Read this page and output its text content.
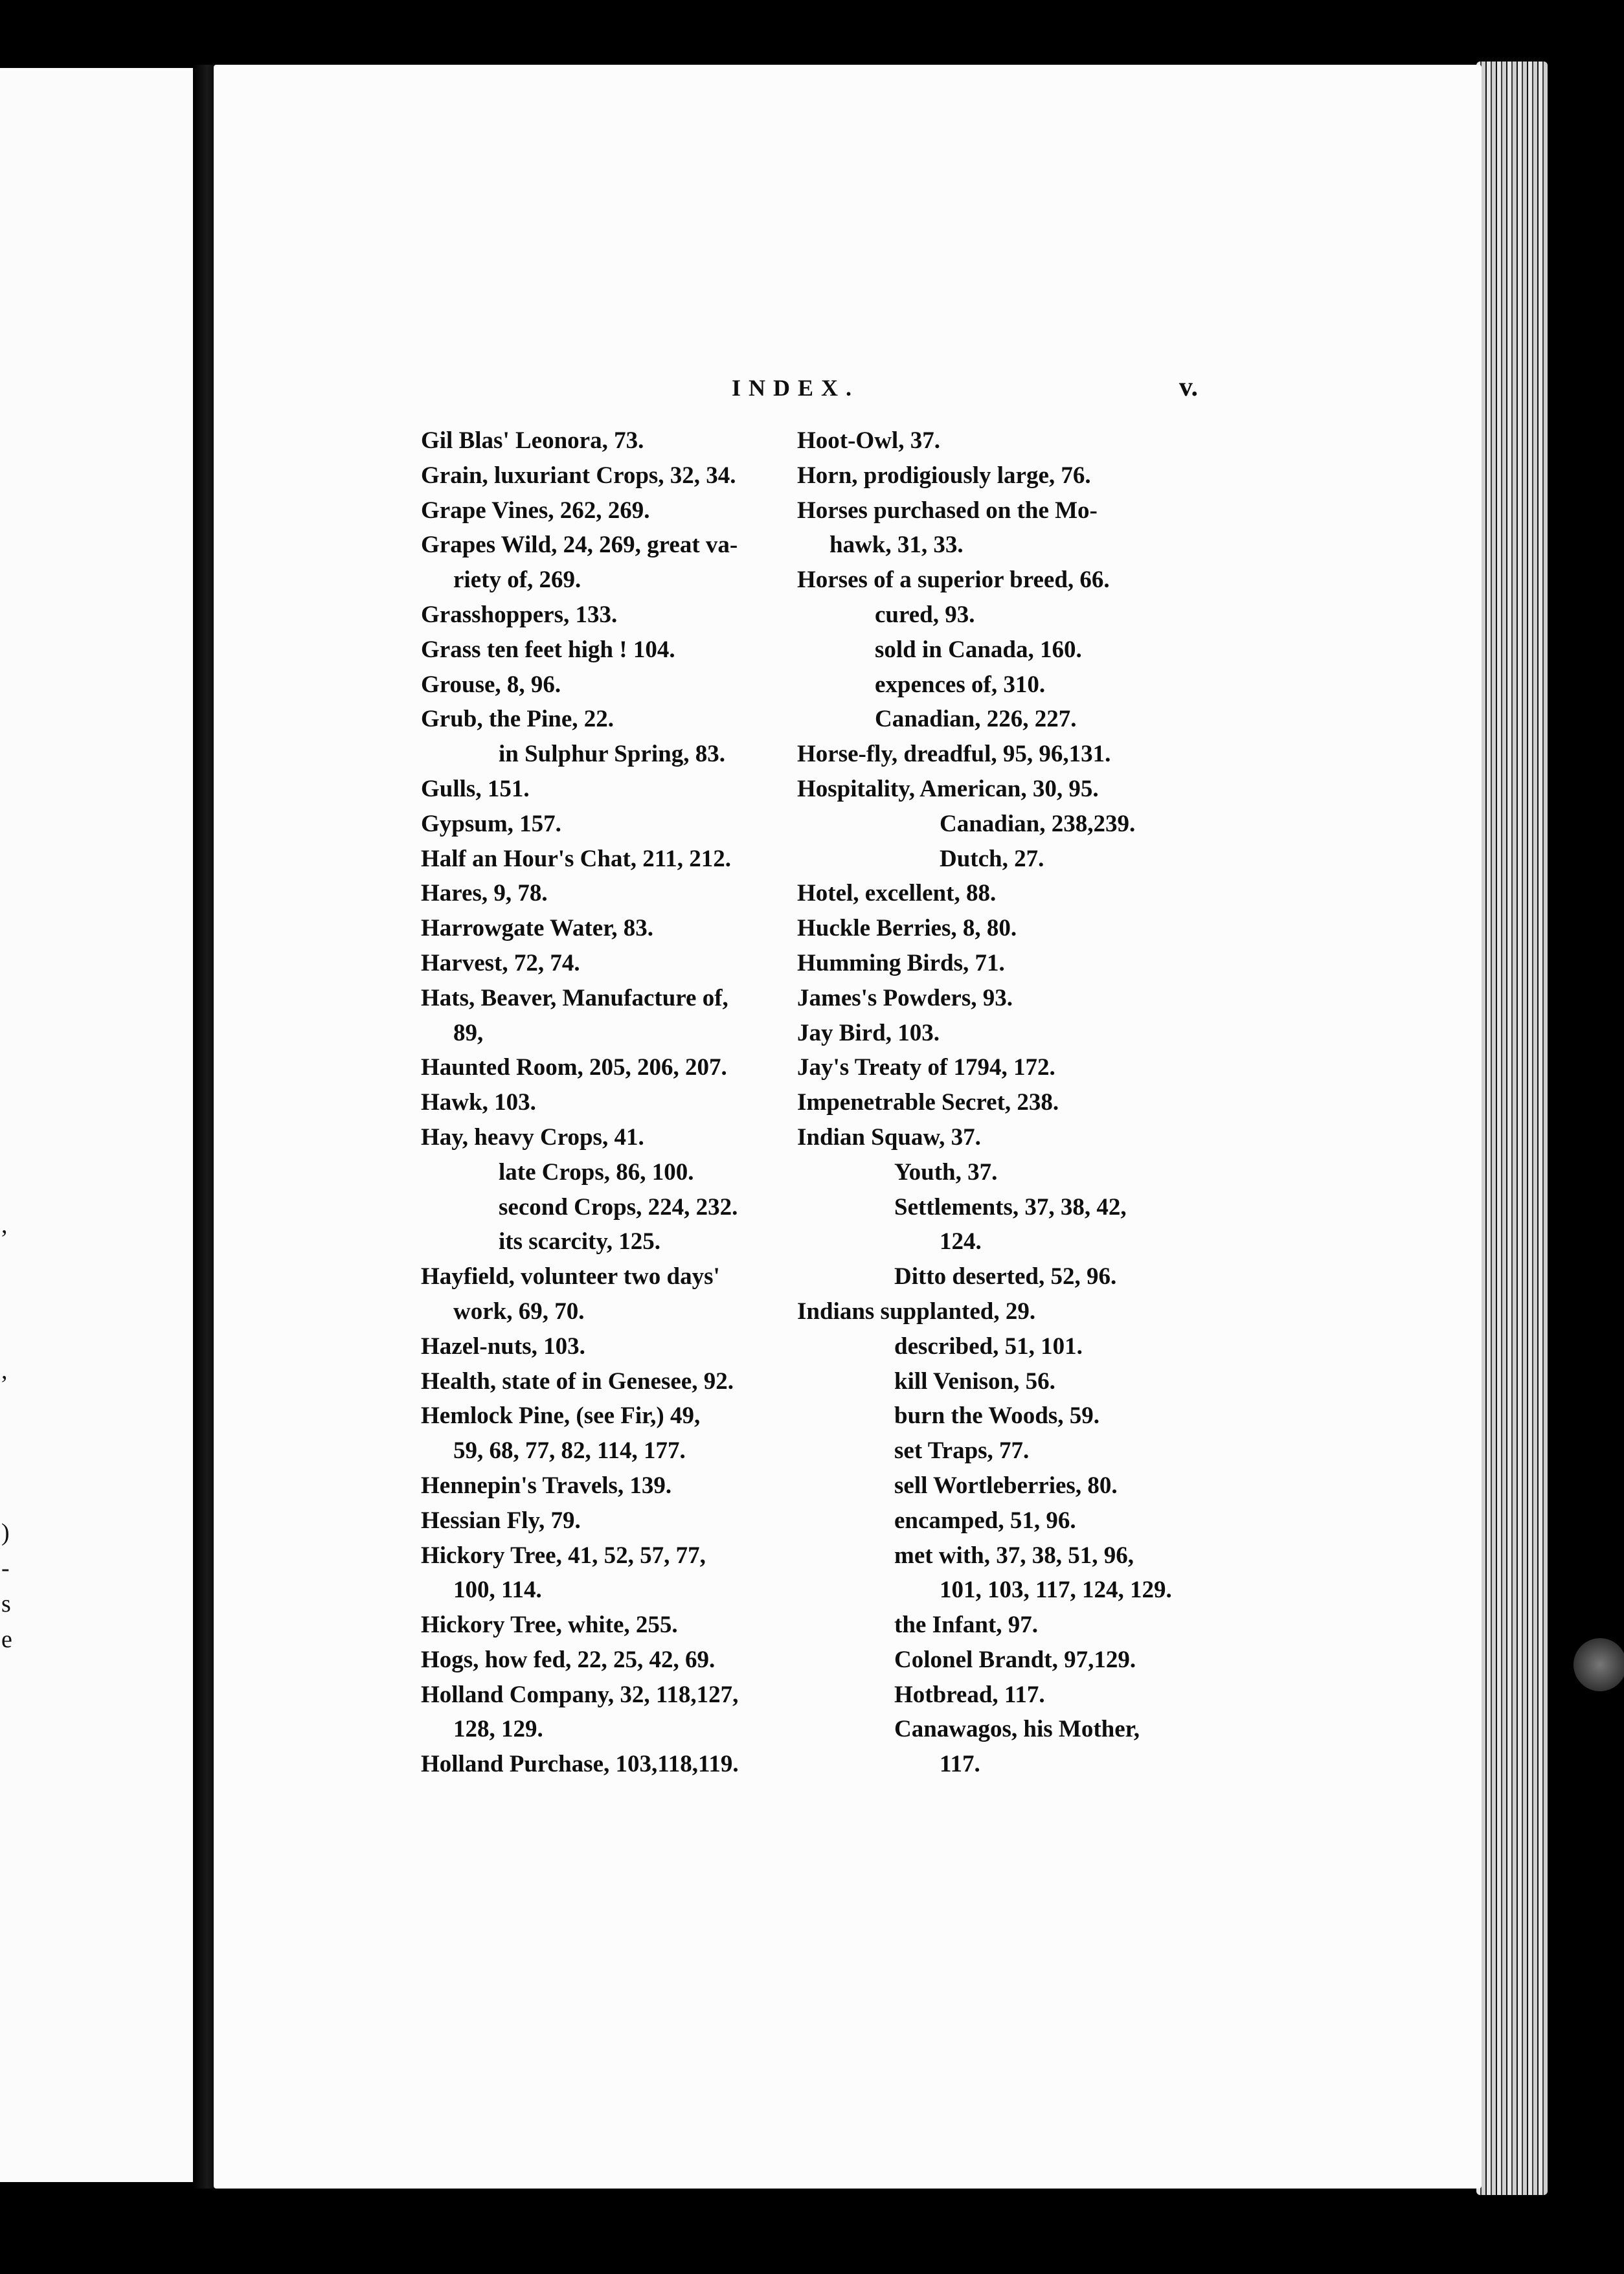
,
,
)
-
s
e
INDEX.	v.
Gil Blas' Leonora, 73.
Grain, luxuriant Crops, 32, 34.
Grape Vines, 262, 269.
Grapes Wild, 24, 269, great va-
riety of, 269.
Grasshoppers, 133.
Grass ten feet high ! 104.
Grouse, 8, 96.
Grub, the Pine, 22.
in Sulphur Spring, 83.
Gulls, 151.
Gypsum, 157.
Half an Hour's Chat, 211, 212.
Hares, 9, 78.
Harrowgate Water, 83.
Harvest, 72, 74.
Hats, Beaver, Manufacture of,
89,
Haunted Room, 205, 206, 207.
Hawk, 103.
Hay, heavy Crops, 41.
late Crops, 86, 100.
second Crops, 224, 232.
its scarcity, 125.
Hayfield, volunteer two days'
work, 69, 70.
Hazel-nuts, 103.
Health, state of in Genesee, 92.
Hemlock Pine, (see Fir,) 49,
59, 68, 77, 82, 114, 177.
Hennepin's Travels, 139.
Hessian Fly, 79.
Hickory Tree, 41, 52, 57, 77,
100, 114.
Hickory Tree, white, 255.
Hogs, how fed, 22, 25, 42, 69.
Holland Company, 32, 118,127,
128, 129.
Holland Purchase, 103,118,119.
Hoot-Owl, 37.
Horn, prodigiously large, 76.
Horses purchased on the Mo-
hawk, 31, 33.
Horses of a superior breed, 66.
cured, 93.
sold in Canada, 160.
expences of, 310.
Canadian, 226, 227.
Horse-fly, dreadful, 95, 96,131.
Hospitality, American, 30, 95.
Canadian, 238,239.
Dutch, 27.
Hotel, excellent, 88.
Huckle Berries, 8, 80.
Humming Birds, 71.
James's Powders, 93.
Jay Bird, 103.
Jay's Treaty of 1794, 172.
Impenetrable Secret, 238.
Indian Squaw, 37.
Youth, 37.
Settlements, 37, 38, 42,
124.
Ditto deserted, 52, 96.
Indians supplanted, 29.
described, 51, 101.
kill Venison, 56.
burn the Woods, 59.
set Traps, 77.
sell Wortleberries, 80.
encamped, 51, 96.
met with, 37, 38, 51, 96,
101, 103, 117, 124, 129.
the Infant, 97.
Colonel Brandt, 97,129.
Hotbread, 117.
Canawagos, his Mother,
117.
